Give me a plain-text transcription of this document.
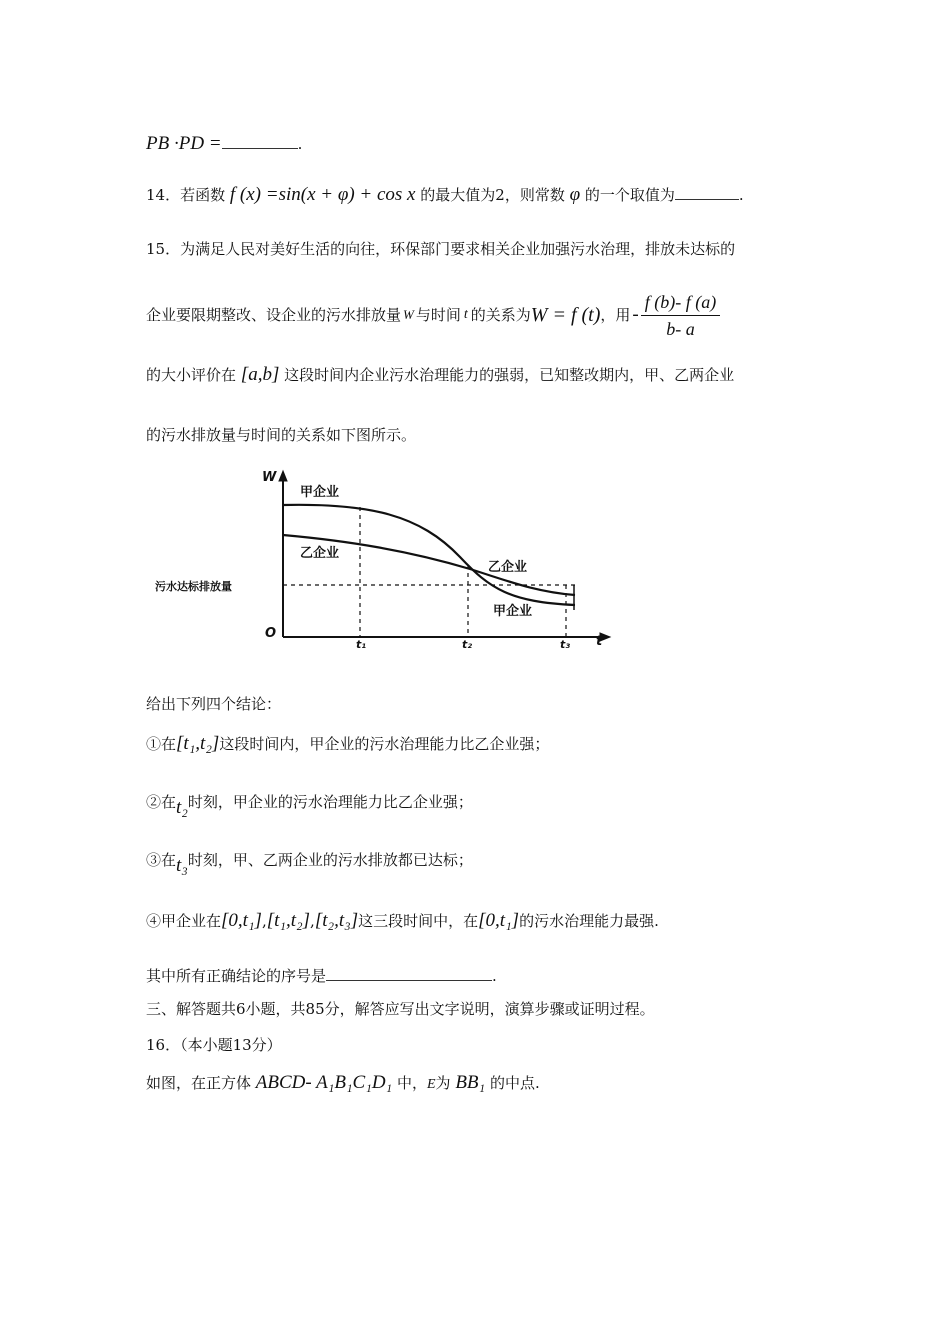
PB ·PD =	.
14．若函数 f (x) =sin(x + φ) + cos x 的最大值为2，则常数 φ 的一个取值为	.
15．为满足人民对美好生活的向往，环保部门要求相关企业加强污水治理，排放未达标的
企业要限期整改、设企业的污水排放量 W 与时间 t 的关系为 W = f (t) ，用 - $\frac{f (b)- f (a)}{b- a}$
的大小评价在 [a,b] 这段时间内企业污水治理能力的强弱，已知整改期内，甲、乙两企业
的污水排放量与时间的关系如下图所示。
W
O
t
t₁	t₂	t₃
污水达标排放量
甲企业
乙企业
乙企业
甲企业
给出下列四个结论：
①在[t₁,t₂]这段时间内，甲企业的污水治理能力比乙企业强；
②在t₂时刻，甲企业的污水治理能力比乙企业强；
③在t₃时刻，甲、乙两企业的污水排放都已达标；
④甲企业在[0,t₁],[t₁,t₂],[t₂,t₃]这三段时间中，在[0,t₁]的污水治理能力最强.
其中所有正确结论的序号是	.
三、解答题共6小题，共85分，解答应写出文字说明，演算步骤或证明过程。
16．（本小题13分）
如图，在正方体 ABCD- A₁B₁C₁D₁ 中，E为 BB₁ 的中点.
